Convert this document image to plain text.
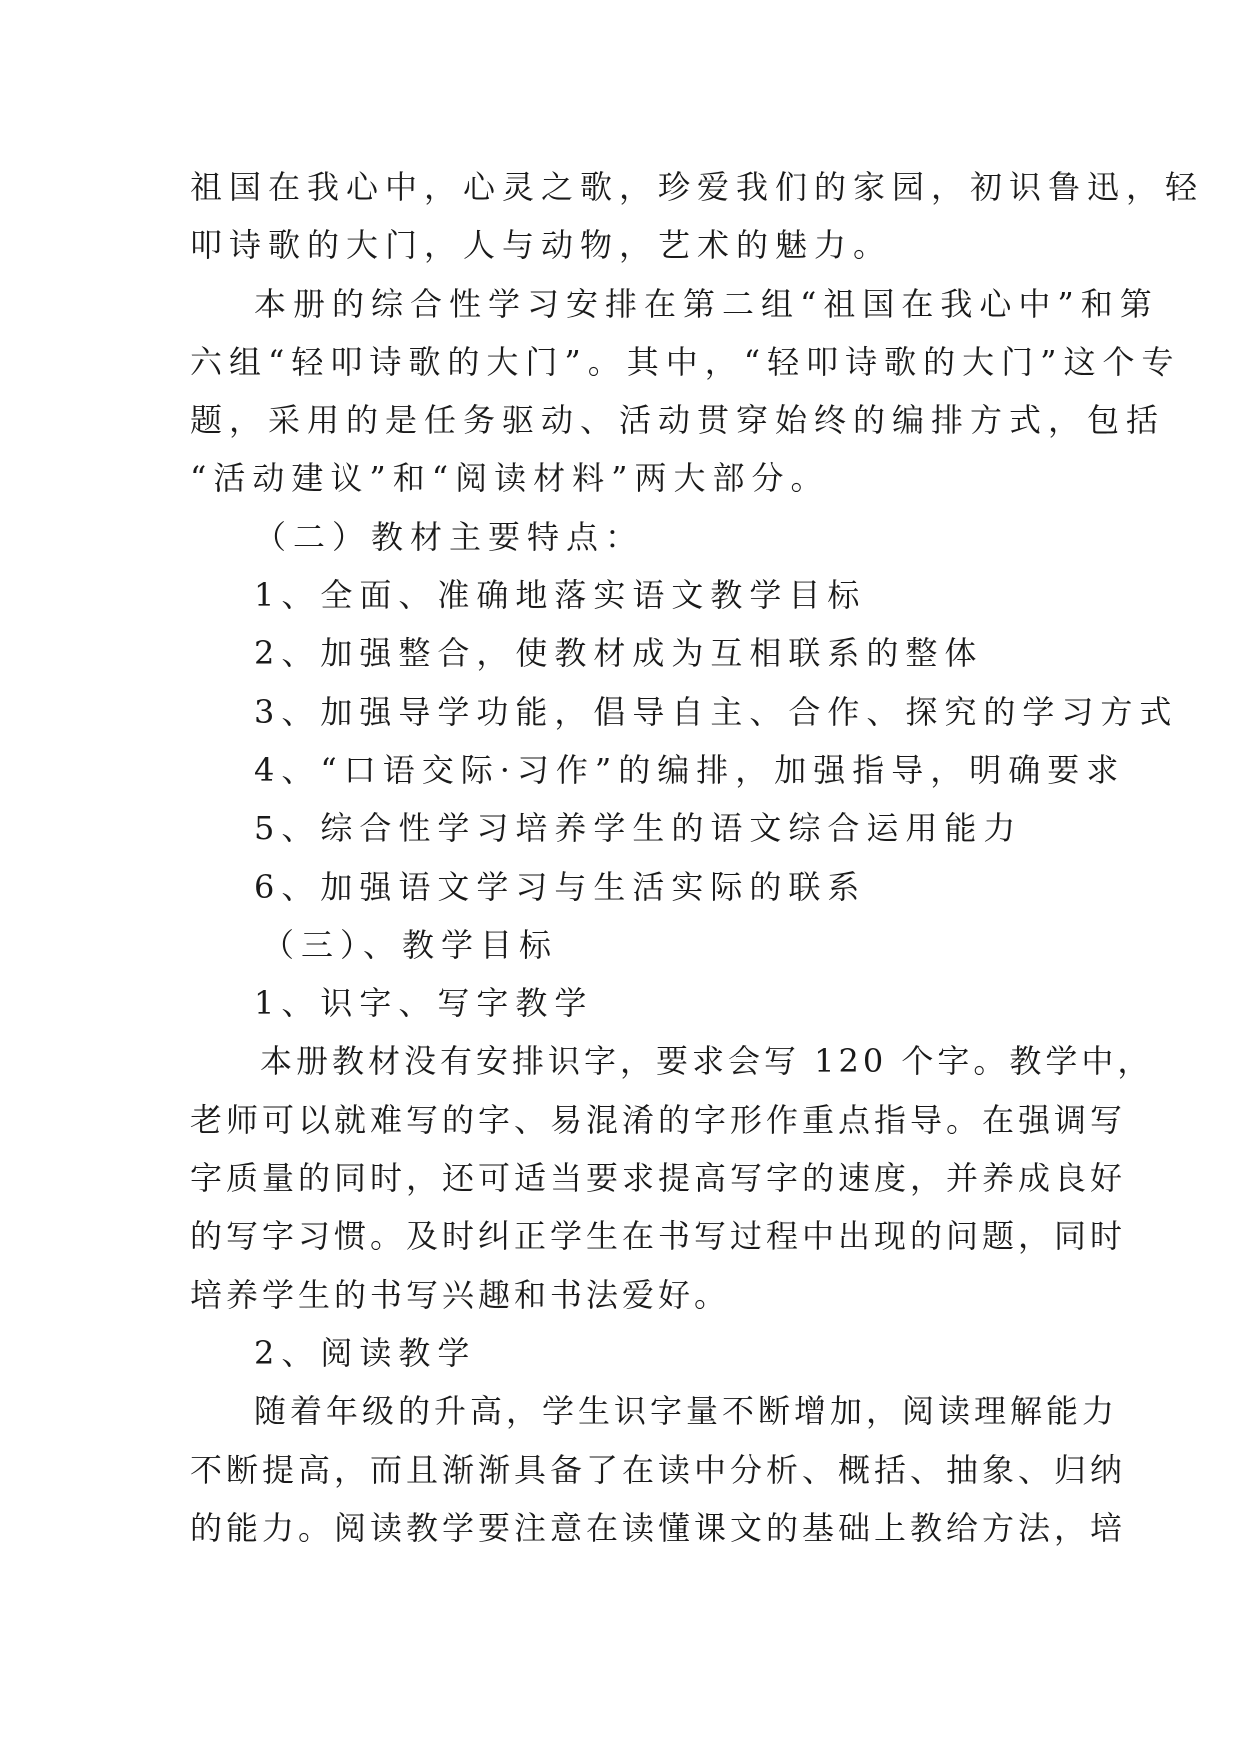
祖国在我心中，心灵之歌，珍爱我们的家园，初识鲁迅，轻
叩诗歌的大门，人与动物，艺术的魅力。
本册的综合性学习安排在第二组“祖国在我心中”和第
六组“轻叩诗歌的大门”。其中，“轻叩诗歌的大门”这个专
题，采用的是任务驱动、活动贯穿始终的编排方式，包括
“活动建议”和“阅读材料”两大部分。
（二）教材主要特点：
1、全面、准确地落实语文教学目标
2、加强整合，使教材成为互相联系的整体
3、加强导学功能，倡导自主、合作、探究的学习方式
4、“口语交际·习作”的编排，加强指导，明确要求
5、综合性学习培养学生的语文综合运用能力
6、加强语文学习与生活实际的联系
（三）、教学目标
1、识字、写字教学
本册教材没有安排识字，要求会写 120 个字。教学中，
老师可以就难写的字、易混淆的字形作重点指导。在强调写
字质量的同时，还可适当要求提高写字的速度，并养成良好
的写字习惯。及时纠正学生在书写过程中出现的问题，同时
培养学生的书写兴趣和书法爱好。
2、阅读教学
随着年级的升高，学生识字量不断增加，阅读理解能力
不断提高，而且渐渐具备了在读中分析、概括、抽象、归纳
的能力。阅读教学要注意在读懂课文的基础上教给方法，培
